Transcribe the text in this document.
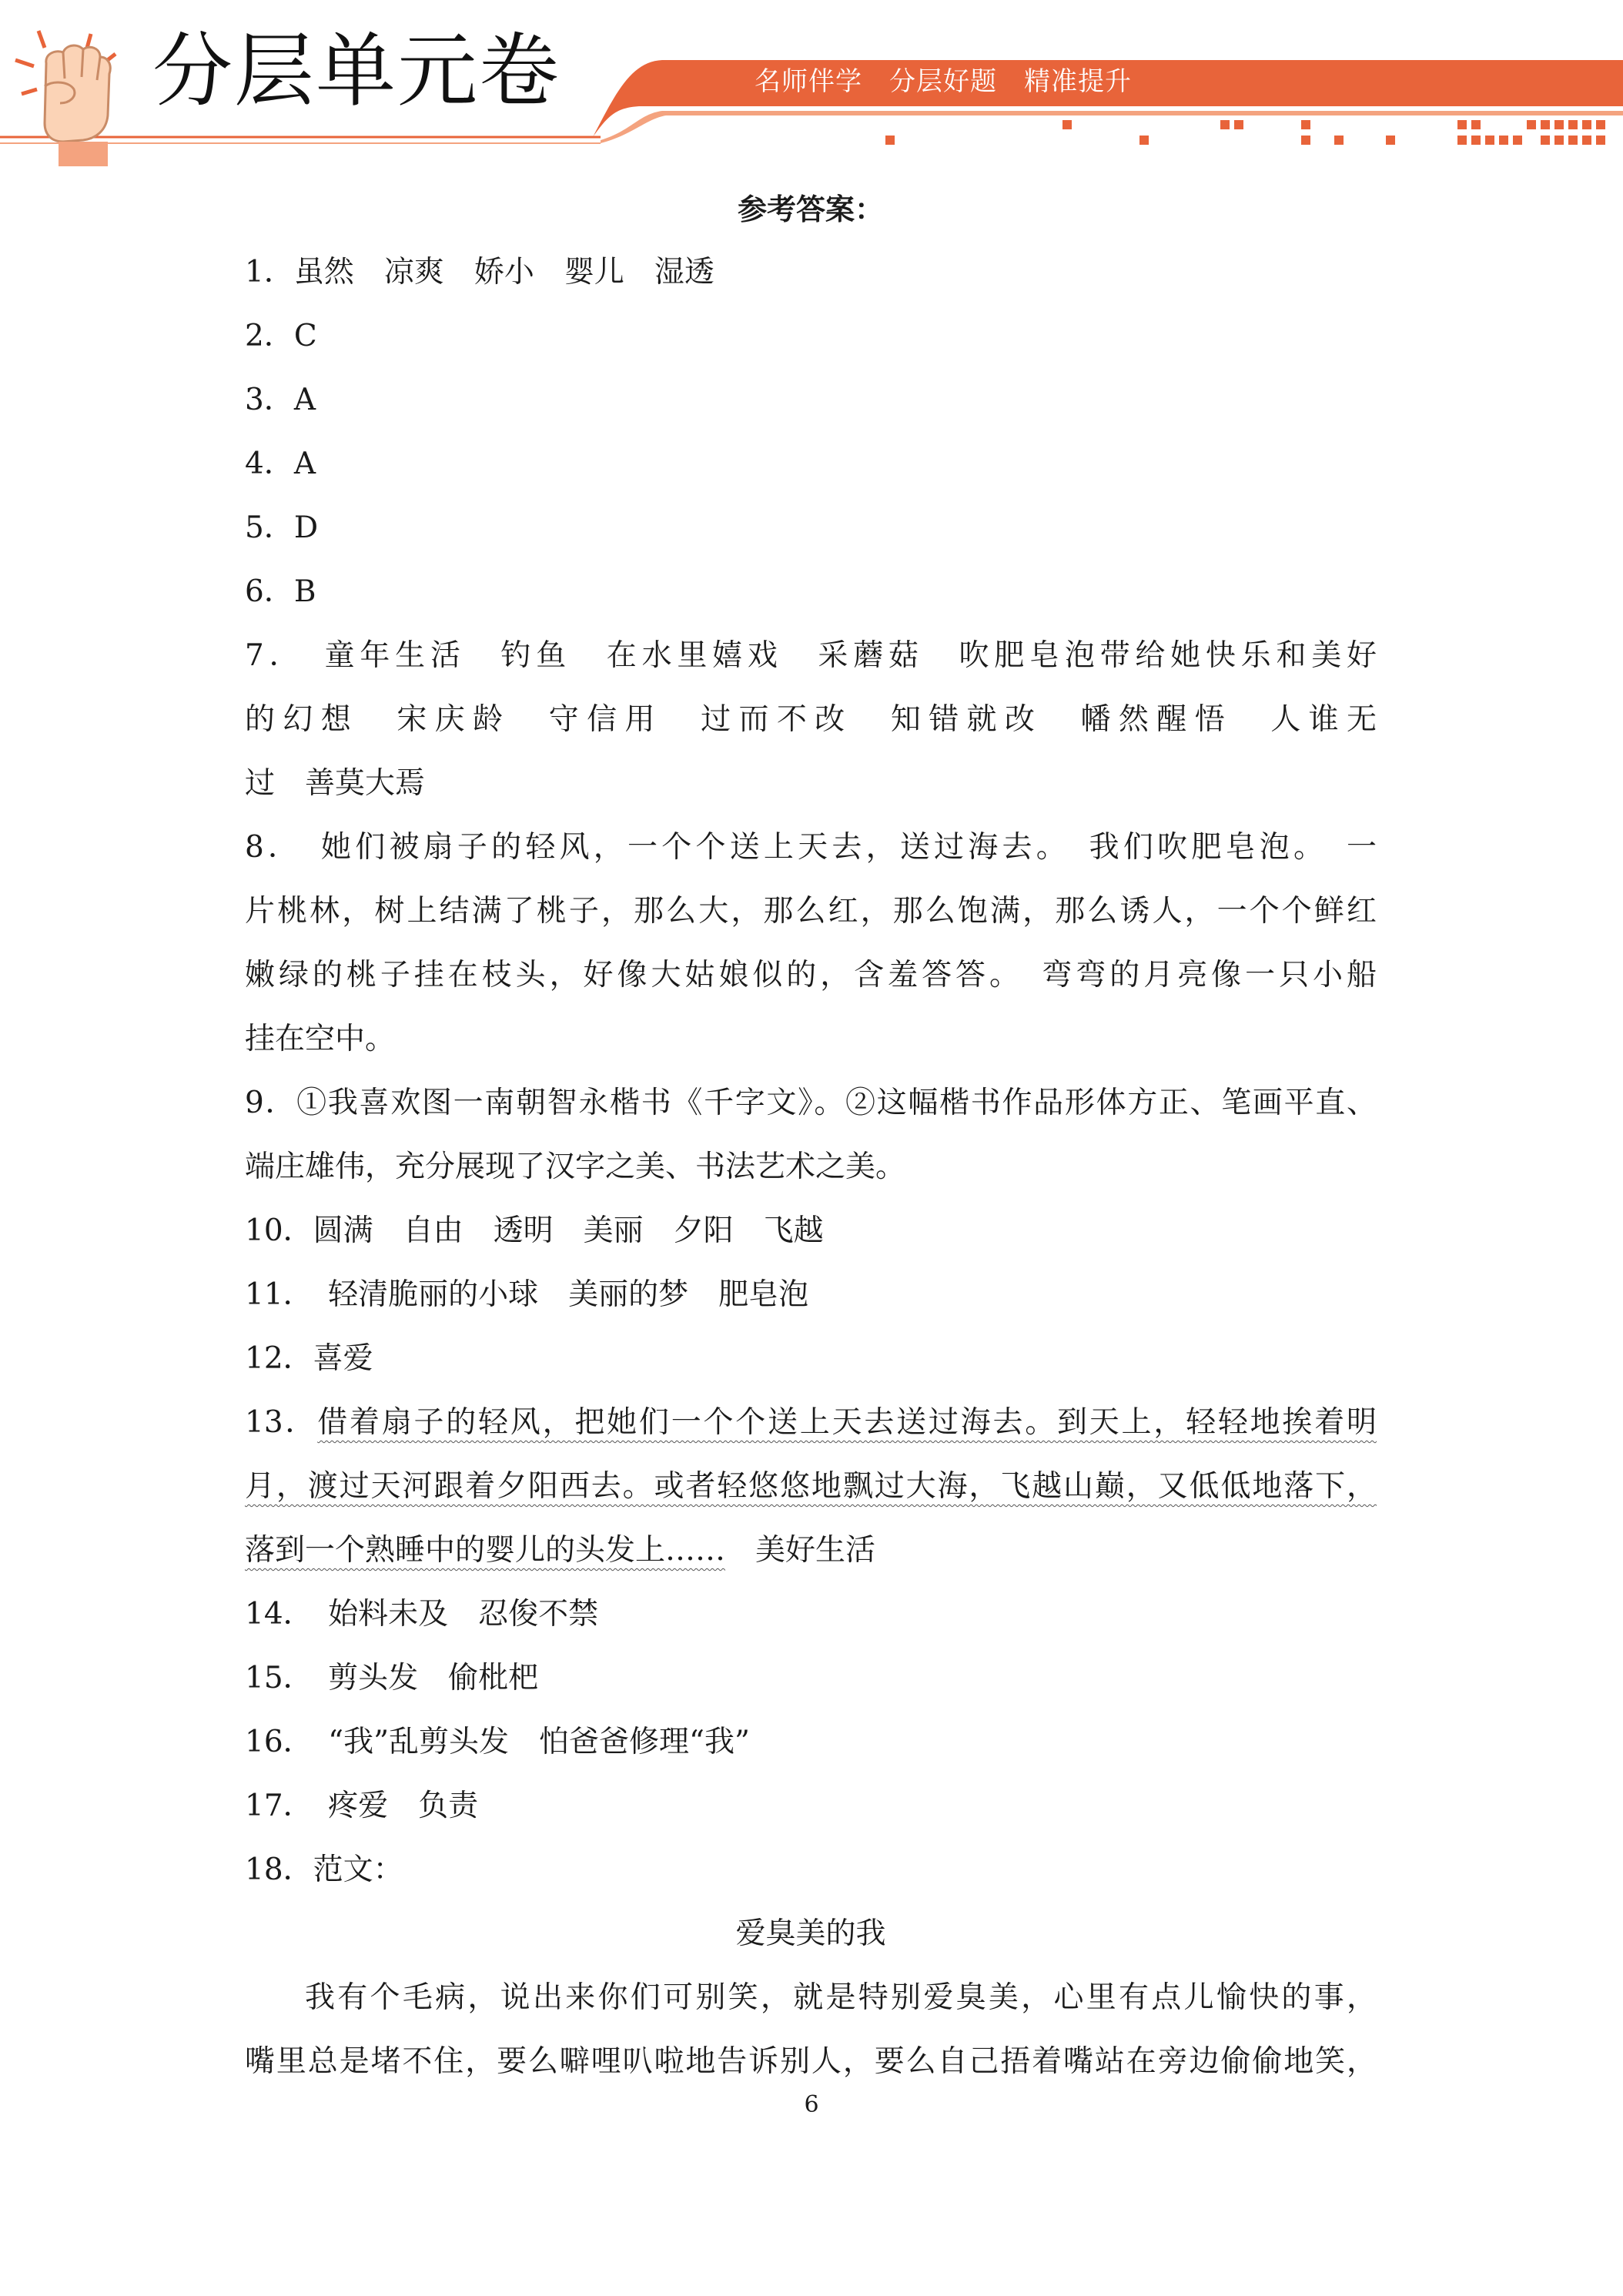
分层单元卷	名师伴学　分层好题　精准提升
参考答案：
1．虽然　凉爽　娇小　婴儿　湿透
2．C
3．A
4．A
5．D
6．B
7．　童年生活　钓鱼　在水里嬉戏　采蘑菇　吹肥皂泡带给她快乐和美好
的幻想　宋庆龄　守信用　过而不改　知错就改　幡然醒悟　人谁无
过　善莫大焉
8．　她们被扇子的轻风，一个个送上天去，送过海去。　我们吹肥皂泡。　一
片桃林，树上结满了桃子，那么大，那么红，那么饱满，那么诱人，一个个鲜红
嫩绿的桃子挂在枝头，好像大姑娘似的，含羞答答。　弯弯的月亮像一只小船
挂在空中。
9．①我喜欢图一南朝智永楷书《千字文》。②这幅楷书作品形体方正、笔画平直、
端庄雄伟，充分展现了汉字之美、书法艺术之美。
10．圆满　自由　透明　美丽　夕阳　飞越
11．　轻清脆丽的小球　美丽的梦　肥皂泡
12．喜爱
13．借着扇子的轻风，把她们一个个送上天去送过海去。到天上，轻轻地挨着明
月，渡过天河跟着夕阳西去。或者轻悠悠地飘过大海，飞越山巅，又低低地落下，
落到一个熟睡中的婴儿的头发上……　美好生活
14．　始料未及　忍俊不禁
15．　剪头发　偷枇杷
16．　“我”乱剪头发　怕爸爸修理“我”
17．　疼爱　负责
18．范文：
爱臭美的我
我有个毛病，说出来你们可别笑，就是特别爱臭美，心里有点儿愉快的事，
嘴里总是堵不住，要么噼哩叭啦地告诉别人，要么自己捂着嘴站在旁边偷偷地笑，
6
